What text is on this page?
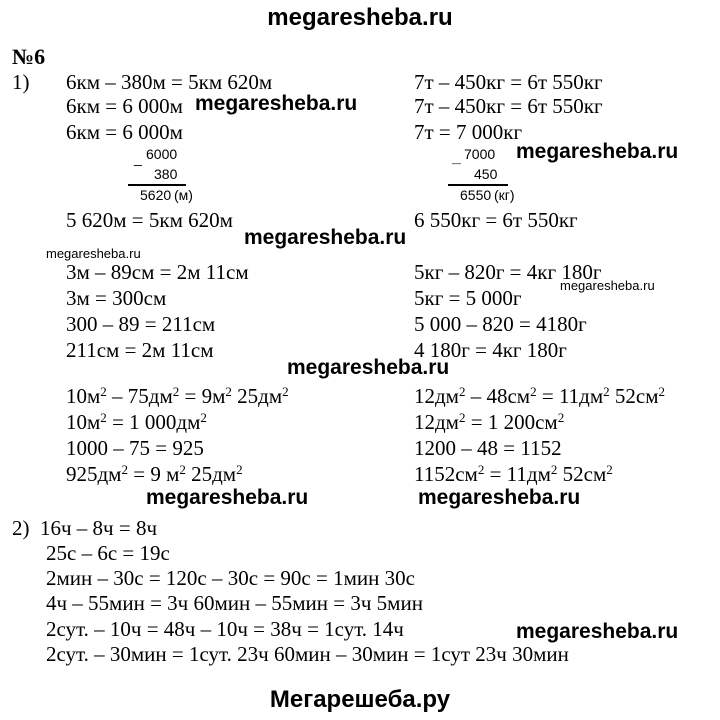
megaresheba.ru
№6
1) 6км – 380м = 5км 620м
6км = 6 000м
6км = 6 000м
_ 6000
380
5620 (м)
5 620м = 5км 620м
7т – 450кг = 6т 550кг
7т – 450кг = 6т 550кг
7т = 7 000кг
_ 7000
450
6550 (кг)
6 550кг = 6т 550кг
3м – 89см = 2м 11см
3м = 300см
300 – 89 = 211см
211см = 2м 11см
5кг – 820г = 4кг 180г
5кг = 5 000г
5 000 – 820 = 4180г
4 180г = 4кг 180г
$10м^2 - 75дм^2 = 9м^2$ $25дм^2$
$10м^2 = 1$ $000дм^2$
1000 – 75 = 925
$925дм^2 = 9$ $м^2$ $25дм^2$
$12дм^2 - 48см^2 = 11дм^2$ $52см^2$
$12дм^2 = 1$ $200см^2$
1200 – 48 = 1152
$1152см^2 = 11дм^2$ $52см^2$
2) 16ч – 8ч = 8ч
25с – 6с = 19с
2мин – 30с = 120с – 30с = 90с = 1мин 30с
4ч – 55мин = 3ч 60мин – 55мин = 3ч 5мин
2сут. – 10ч = 48ч – 10ч = 38ч = 1сут. 14ч
2сут. – 30мин = 1сут. 23ч 60мин – 30мин = 1сут 23ч 30мин
megaresheba.ru
megaresheba.ru
megaresheba.ru
megaresheba.ru
megaresheba.ru
megaresheba.ru
megaresheba.ru	megaresheba.ru
megaresheba.ru
Мегарешеба.ру
